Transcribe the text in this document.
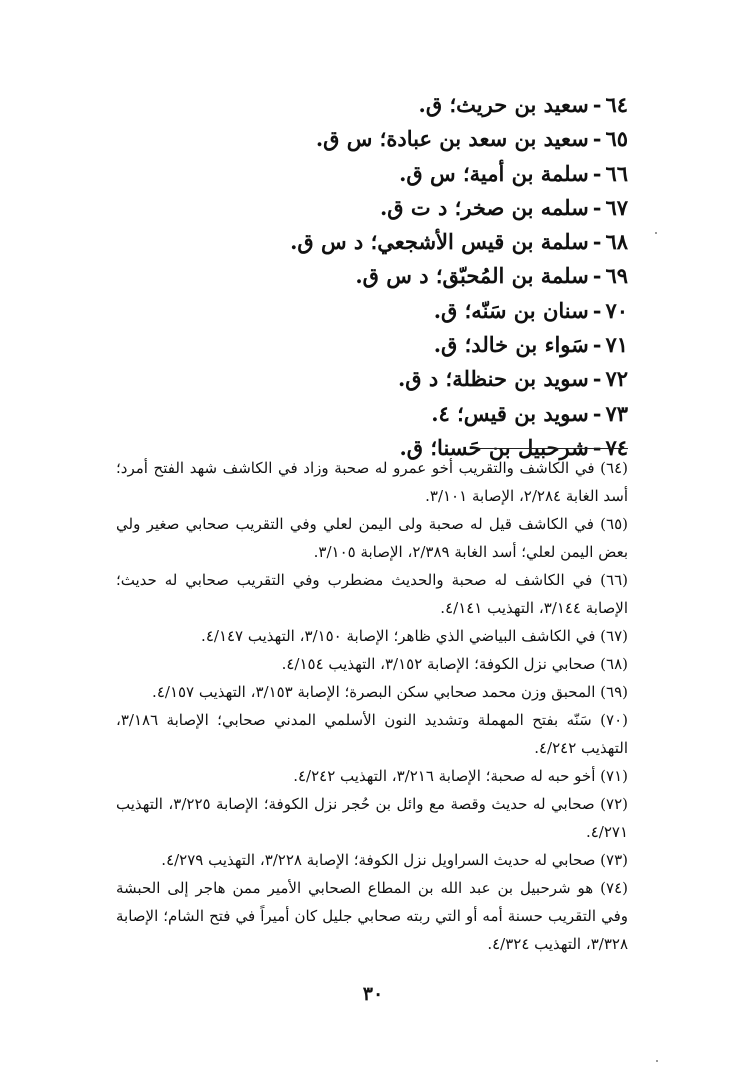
٦٤-سعيد بن حريث؛ ق.
٦٥-سعيد بن سعد بن عبادة؛ س ق.
٦٦-سلمة بن أمية؛ س ق.
٦٧-سلمه بن صخر؛ د ت ق.
٦٨-سلمة بن قيس الأشجعي؛ د س ق.
٦٩-سلمة بن المُحبّق؛ د س ق.
٧٠-سنان بن سَنّه؛ ق.
٧١-سَواء بن خالد؛ ق.
٧٢-سويد بن حنظلة؛ د ق.
٧٣-سويد بن قيس؛ ٤.
٧٤-شرحبيل بن حَسنا؛ ق.
(٦٤) في الكاشف والتقريب أخو عمرو له صحبة وزاد في الكاشف شهد الفتح أمرد؛ أسد الغابة ٢/٢٨٤، الإصابة ٣/١٠١.
(٦٥) في الكاشف قيل له صحبة ولى اليمن لعلي وفي التقريب صحابي صغير ولي بعض اليمن لعلي؛ أسد الغابة ٢/٣٨٩، الإصابة ٣/١٠٥.
(٦٦) في الكاشف له صحبة والحديث مضطرب وفي التقريب صحابي له حديث؛ الإصابة ٣/١٤٤، التهذيب ٤/١٤١.
(٦٧) في الكاشف البياضي الذي ظاهر؛ الإصابة ٣/١٥٠، التهذيب ٤/١٤٧.
(٦٨) صحابي نزل الكوفة؛ الإصابة ٣/١٥٢، التهذيب ٤/١٥٤.
(٦٩) المحبق وزن محمد صحابي سكن البصرة؛ الإصابة ٣/١٥٣، التهذيب ٤/١٥٧.
(٧٠) سَنّه بفتح المهملة وتشديد النون الأسلمي المدني صحابي؛ الإصابة ٣/١٨٦، التهذيب ٤/٢٤٢.
(٧١) أخو حبه له صحبة؛ الإصابة ٣/٢١٦، التهذيب ٤/٢٤٢.
(٧٢) صحابي له حديث وقصة مع وائل بن حُجر نزل الكوفة؛ الإصابة ٣/٢٢٥، التهذيب ٤/٢٧١.
(٧٣) صحابي له حديث السراويل نزل الكوفة؛ الإصابة ٣/٢٢٨، التهذيب ٤/٢٧٩.
(٧٤) هو شرحبيل بن عبد الله بن المطاع الصحابي الأمير ممن هاجر إلى الحبشة وفي التقريب حسنة أمه أو التي ربته صحابي جليل كان أميراً في فتح الشام؛ الإصابة ٣/٣٢٨، التهذيب ٤/٣٢٤.
٣٠
